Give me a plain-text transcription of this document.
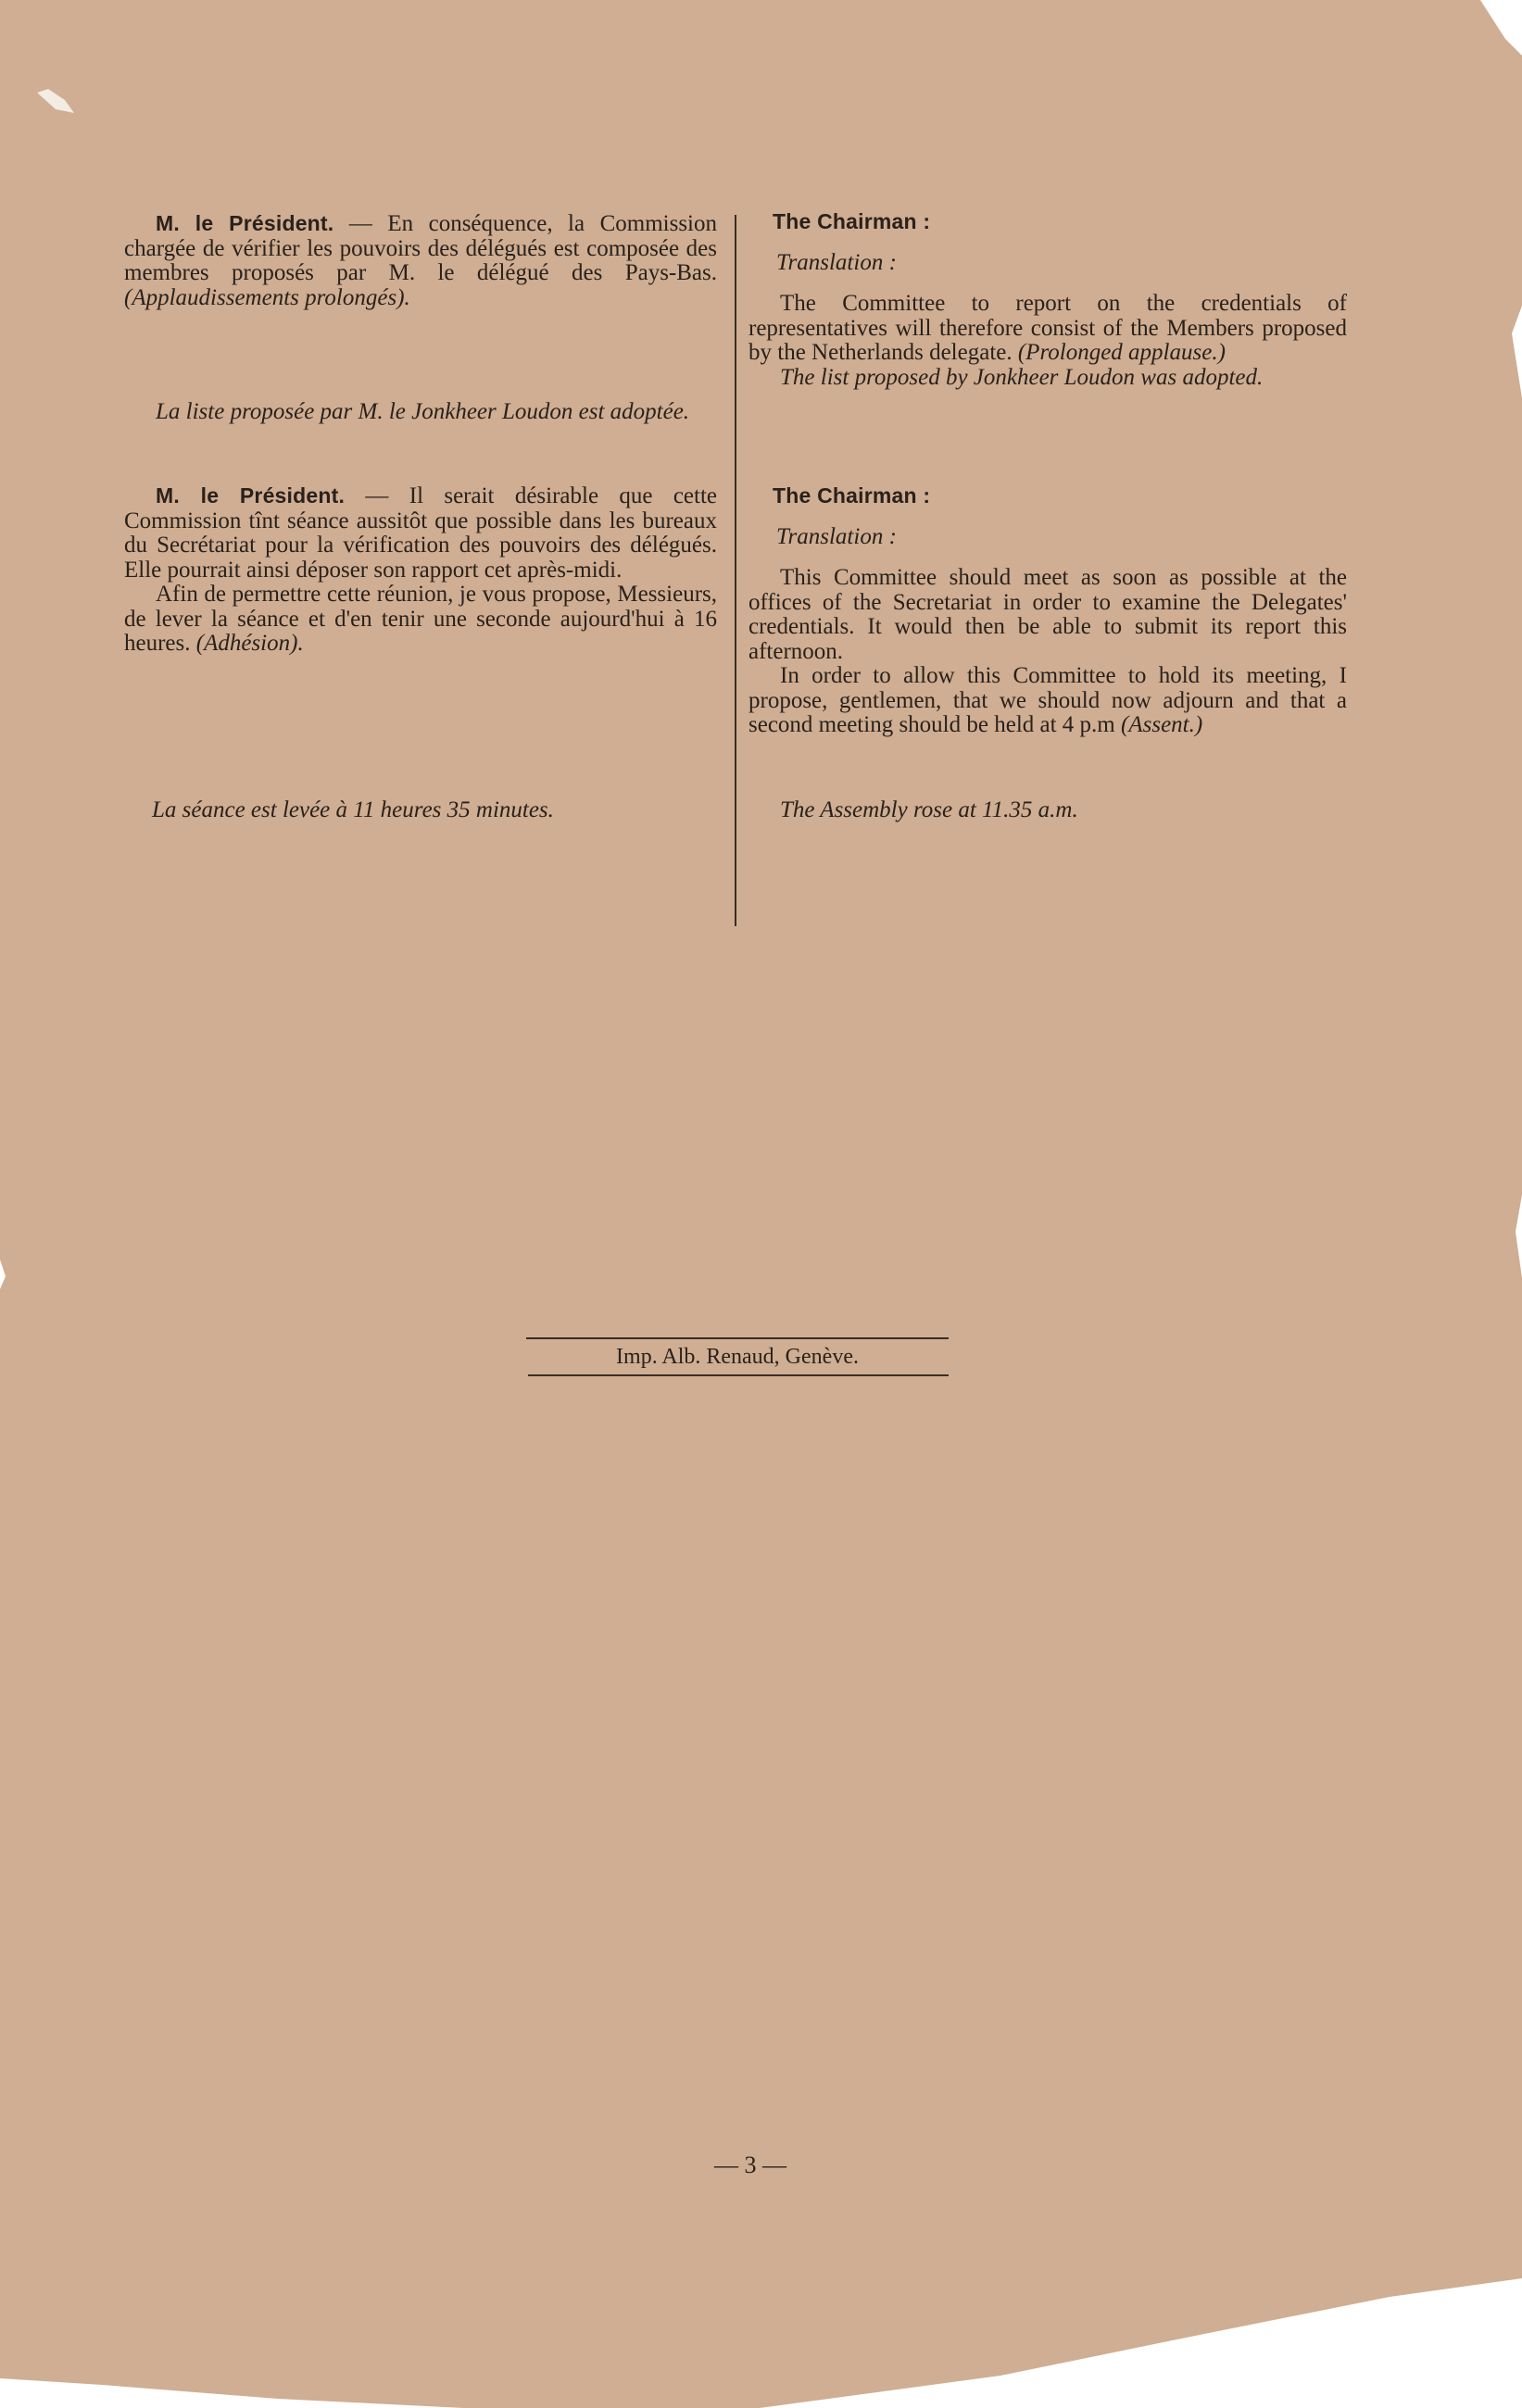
M. le Président. — En conséquence, la Commission chargée de vérifier les pouvoirs des délégués est composée des membres proposés par M. le délégué des Pays-Bas. (Applaudissements prolongés).
La liste proposée par M. le Jonkheer Loudon est adoptée.
M. le Président. — Il serait désirable que cette Commission tînt séance aussitôt que possible dans les bureaux du Secrétariat pour la vérification des pouvoirs des délégués. Elle pourrait ainsi déposer son rapport cet après-midi.
Afin de permettre cette réunion, je vous propose, Messieurs, de lever la séance et d'en tenir une seconde aujourd'hui à 16 heures. (Adhésion).
La séance est levée à 11 heures 35 minutes.
The Chairman :
Translation :
The Committee to report on the credentials of representatives will therefore consist of the Members proposed by the Netherlands delegate. (Prolonged applause.)
The list proposed by Jonkheer Loudon was adopted.
The Chairman :
Translation :
This Committee should meet as soon as possible at the offices of the Secretariat in order to examine the Delegates' credentials. It would then be able to submit its report this afternoon.
In order to allow this Committee to hold its meeting, I propose, gentlemen, that we should now adjourn and that a second meeting should be held at 4 p.m (Assent.)
The Assembly rose at 11.35 a.m.
Imp. Alb. Renaud, Genève.
— 3 —
